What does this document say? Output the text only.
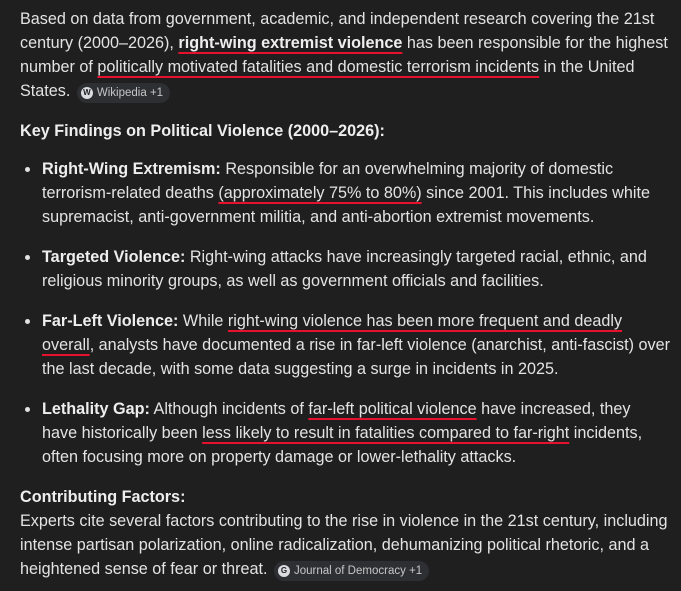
Based on data from government, academic, and independent research covering the 21st century (2000–2026), right-wing extremist violence has been responsible for the highest number of politically motivated fatalities and domestic terrorism incidents in the United States. W Wikipedia +1

Key Findings on Political Violence (2000–2026):

Right-Wing Extremism: Responsible for an overwhelming majority of domestic terrorism-related deaths (approximately 75% to 80%) since 2001. This includes white supremacist, anti-government militia, and anti-abortion extremist movements.
Targeted Violence: Right-wing attacks have increasingly targeted racial, ethnic, and religious minority groups, as well as government officials and facilities.
Far-Left Violence: While right-wing violence has been more frequent and deadly overall, analysts have documented a rise in far-left violence (anarchist, anti-fascist) over the last decade, with some data suggesting a surge in incidents in 2025.
Lethality Gap: Although incidents of far-left political violence have increased, they have historically been less likely to result in fatalities compared to far-right incidents, often focusing more on property damage or lower-lethality attacks.

Contributing Factors:

Experts cite several factors contributing to the rise in violence in the 21st century, including intense partisan polarization, online radicalization, dehumanizing political rhetoric, and a heightened sense of fear or threat.	G Journal of Democracy +1
